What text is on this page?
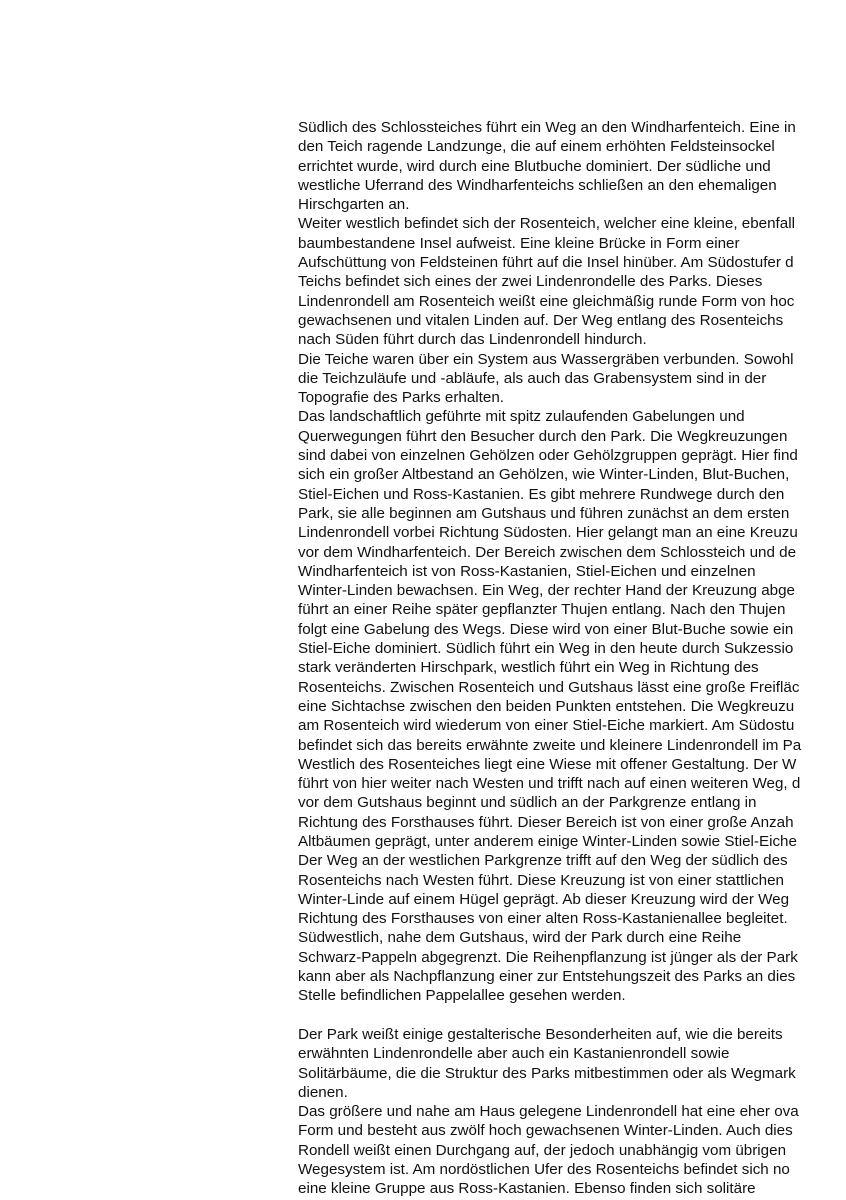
Südlich des Schlossteiches führt ein Weg an den Windharfenteich. Eine in
den Teich ragende Landzunge, die auf einem erhöhten Feldsteinsockel
errichtet wurde, wird durch eine Blutbuche dominiert. Der südliche und
westliche Uferrand des Windharfenteichs schließen an den ehemaligen
Hirschgarten an.
Weiter westlich befindet sich der Rosenteich, welcher eine kleine, ebenfall
baumbestandene Insel aufweist. Eine kleine Brücke in Form einer
Aufschüttung von Feldsteinen führt auf die Insel hinüber. Am Südostufer d
Teichs befindet sich eines der zwei Lindenrondelle des Parks. Dieses
Lindenrondell am Rosenteich weißt eine gleichmäßig runde Form von hoc
gewachsenen und vitalen Linden auf. Der Weg entlang des Rosenteichs
nach Süden führt durch das Lindenrondell hindurch.
Die Teiche waren über ein System aus Wassergräben verbunden. Sowohl
die Teichzuläufe und -abläufe, als auch das Grabensystem sind in der
Topografie des Parks erhalten.
Das landschaftlich geführte mit spitz zulaufenden Gabelungen und
Querwegungen führt den Besucher durch den Park. Die Wegkreuzungen
sind dabei von einzelnen Gehölzen oder Gehölzgruppen geprägt. Hier find
sich ein großer Altbestand an Gehölzen, wie Winter-Linden, Blut-Buchen,
Stiel-Eichen und Ross-Kastanien. Es gibt mehrere Rundwege durch den
Park, sie alle beginnen am Gutshaus und führen zunächst an dem ersten
Lindenrondell vorbei Richtung Südosten. Hier gelangt man an eine Kreuzu
vor dem Windharfenteich. Der Bereich zwischen dem Schlossteich und de
Windharfenteich ist von Ross-Kastanien, Stiel-Eichen und einzelnen
Winter-Linden bewachsen. Ein Weg, der rechter Hand der Kreuzung abge
führt an einer Reihe später gepflanzter Thujen entlang. Nach den Thujen
folgt eine Gabelung des Wegs. Diese wird von einer Blut-Buche sowie ein
Stiel-Eiche dominiert. Südlich führt ein Weg in den heute durch Sukzessio
stark veränderten Hirschpark, westlich führt ein Weg in Richtung des
Rosenteichs. Zwischen Rosenteich und Gutshaus lässt eine große Freifläc
eine Sichtachse zwischen den beiden Punkten entstehen. Die Wegkreuzu
am Rosenteich wird wiederum von einer Stiel-Eiche markiert. Am Südostu
befindet sich das bereits erwähnte zweite und kleinere Lindenrondell im Pa
Westlich des Rosenteiches liegt eine Wiese mit offener Gestaltung. Der W
führt von hier weiter nach Westen und trifft nach auf einen weiteren Weg, d
vor dem Gutshaus beginnt und südlich an der Parkgrenze entlang in
Richtung des Forsthauses führt. Dieser Bereich ist von einer große Anzah
Altbäumen geprägt, unter anderem einige Winter-Linden sowie Stiel-Eiche
Der Weg an der westlichen Parkgrenze trifft auf den Weg der südlich des
Rosenteichs nach Westen führt. Diese Kreuzung ist von einer stattlichen
Winter-Linde auf einem Hügel geprägt. Ab dieser Kreuzung wird der Weg
Richtung des Forsthauses von einer alten Ross-Kastanienallee begleitet.
Südwestlich, nahe dem Gutshaus, wird der Park durch eine Reihe
Schwarz-Pappeln abgegrenzt. Die Reihenpflanzung ist jünger als der Park
kann aber als Nachpflanzung einer zur Entstehungszeit des Parks an dies
Stelle befindlichen Pappelallee gesehen werden.
Der Park weißt einige gestalterische Besonderheiten auf, wie die bereits
erwähnten Lindenrondelle aber auch ein Kastanienrondell sowie
Solitärbäume, die die Struktur des Parks mitbestimmen oder als Wegmark
dienen.
Das größere und nahe am Haus gelegene Lindenrondell hat eine eher ova
Form und besteht aus zwölf hoch gewachsenen Winter-Linden. Auch dies
Rondell weißt einen Durchgang auf, der jedoch unabhängig vom übrigen
Wegesystem ist. Am nordöstlichen Ufer des Rosenteichs befindet sich no
eine kleine Gruppe aus Ross-Kastanien. Ebenso finden sich solitäre
